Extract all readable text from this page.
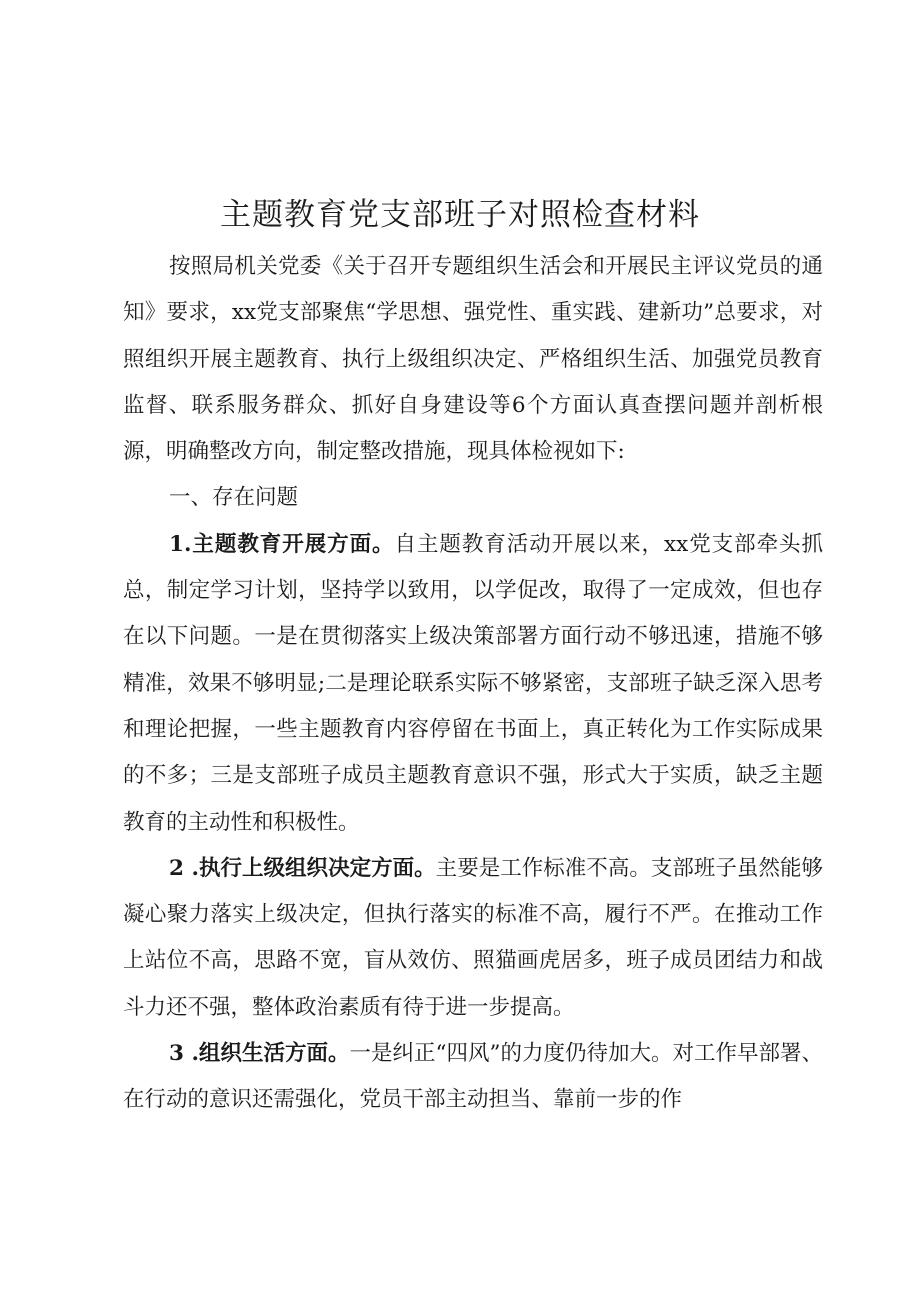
主题教育党支部班子对照检查材料

按照局机关党委《关于召开专题组织生活会和开展民主评议党员的通知》要求，xx党支部聚焦“学思想、强党性、重实践、建新功”总要求，对照组织开展主题教育、执行上级组织决定、严格组织生活、加强党员教育监督、联系服务群众、抓好自身建设等6个方面认真查摆问题并剖析根源，明确整改方向，制定整改措施，现具体检视如下:

一、存在问题

1.主题教育开展方面。自主题教育活动开展以来，xx党支部牵头抓总，制定学习计划，坚持学以致用，以学促改，取得了一定成效，但也存在以下问题。一是在贯彻落实上级决策部署方面行动不够迅速，措施不够精准，效果不够明显;二是理论联系实际不够紧密，支部班子缺乏深入思考和理论把握，一些主题教育内容停留在书面上，真正转化为工作实际成果的不多；三是支部班子成员主题教育意识不强，形式大于实质，缺乏主题教育的主动性和积极性。

2 .执行上级组织决定方面。主要是工作标准不高。支部班子虽然能够凝心聚力落实上级决定，但执行落实的标准不高，履行不严。在推动工作上站位不高，思路不宽，盲从效仿、照猫画虎居多，班子成员团结力和战斗力还不强，整体政治素质有待于进一步提高。

3 .组织生活方面。一是纠正“四风”的力度仍待加大。对工作早部署、在行动的意识还需强化，党员干部主动担当、靠前一步的作
